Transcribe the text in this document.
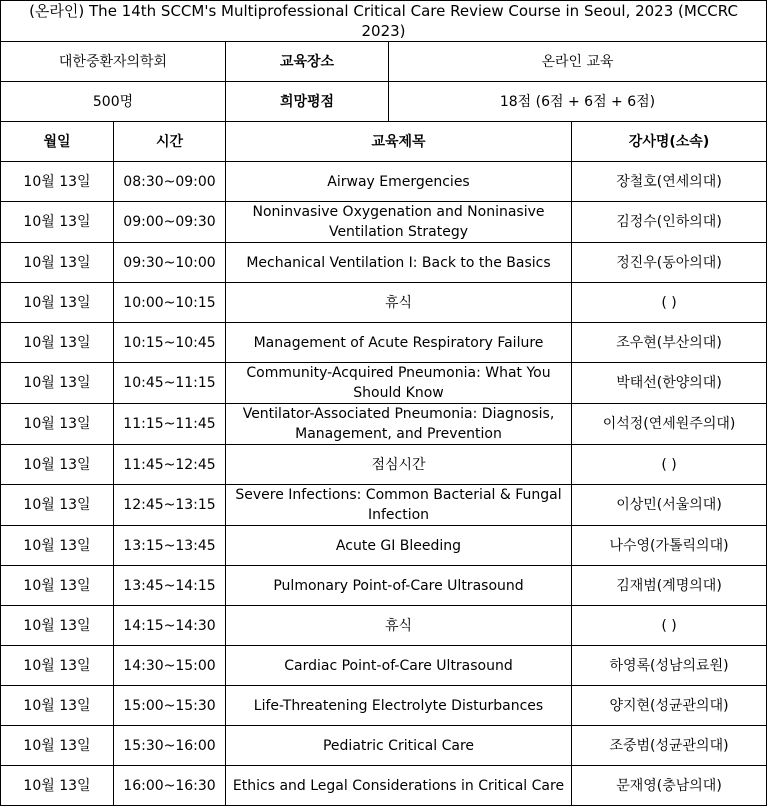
(온라인) The 14th SCCM's Multiprofessional Critical Care Review Course in Seoul, 2023 (MCCRC 2023)				
대한중환자의학회		교육장소	온라인 교육	
500명		희망평점	18점 (6점 + 6점 + 6점)	
월일	시간	교육제목		강사명(소속)
10월 13일	08:30~09:00	Airway Emergencies		장철호(연세의대)
10월 13일	09:00~09:30	Noninvasive Oxygenation and Noninasive Ventilation Strategy		김정수(인하의대)
10월 13일	09:30~10:00	Mechanical Ventilation I: Back to the Basics		정진우(동아의대)
10월 13일	10:00~10:15	휴식		( )
10월 13일	10:15~10:45	Management of Acute Respiratory Failure		조우현(부산의대)
10월 13일	10:45~11:15	Community-Acquired Pneumonia: What You Should Know		박태선(한양의대)
10월 13일	11:15~11:45	Ventilator-Associated Pneumonia: Diagnosis, Management, and Prevention		이석정(연세원주의대)
10월 13일	11:45~12:45	점심시간		( )
10월 13일	12:45~13:15	Severe Infections: Common Bacterial & Fungal Infection		이상민(서울의대)
10월 13일	13:15~13:45	Acute GI Bleeding		나수영(가톨릭의대)
10월 13일	13:45~14:15	Pulmonary Point-of-Care Ultrasound		김재범(계명의대)
10월 13일	14:15~14:30	휴식		( )
10월 13일	14:30~15:00	Cardiac Point-of-Care Ultrasound		하영록(성남의료원)
10월 13일	15:00~15:30	Life-Threatening Electrolyte Disturbances		양지현(성균관의대)
10월 13일	15:30~16:00	Pediatric Critical Care		조중범(성균관의대)
10월 13일	16:00~16:30	Ethics and Legal Considerations in Critical Care		문재영(충남의대)
